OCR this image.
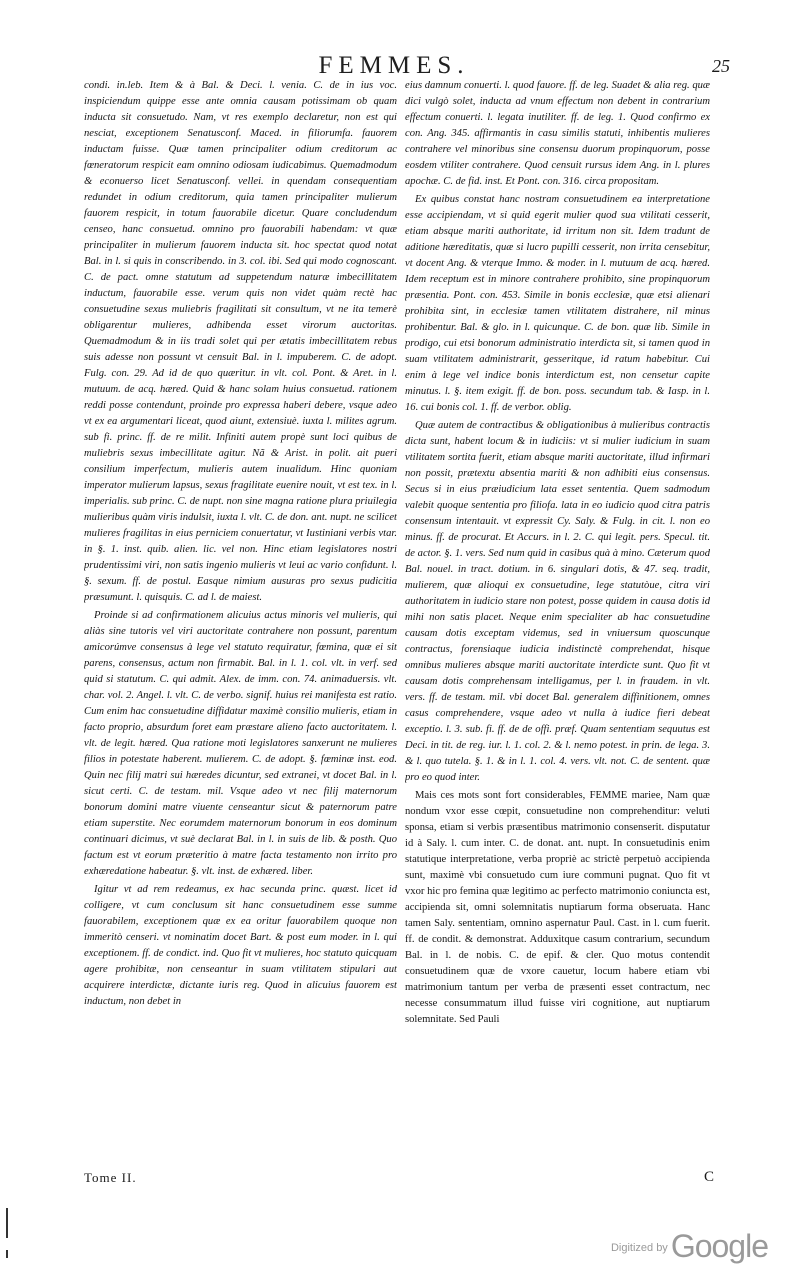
FEMMES.	25

condi. in.leb. Item & à Bal. & Deci. l. venia. C. de in ius voc. inspiciendum quippe esse ante omnia causam potissimam ob quam inducta sit consuetudo. Nam, vt res exemplo declaretur, non est qui nesciat, exceptionem Senatusconf. Maced. in filiorumfa. fauorem inductam fuisse. Quæ tamen principaliter odium creditorum ac fœneratorum respicit eam omnino odiosam iudicabimus. Quemadmodum & econuerso licet Senatusconf. vellei. in quendam consequentiam redundet in odium creditorum, quia tamen principaliter mulierum fauorem respicit, in totum fauorabile dicetur. Quare concludendum censeo, hanc consuetud. omnino pro fauorabili habendam: vt quæ principaliter in mulierum fauorem inducta sit. hoc spectat quod notat Bal. in l. si quis in conscribendo. in 3. col. ibi. Sed qui modo cognoscant. C. de pact. omne statutum ad suppetendum naturæ imbecillitatem inductum, fauorabile esse. verum quis non videt quàm rectè hac consuetudine sexus muliebris fragilitati sit consultum, vt ne ita temerè obligarentur mulieres, adhibenda esset virorum auctoritas. Quemadmodum & in iis tradi solet qui per ætatis imbecillitatem rebus suis adesse non possunt vt censuit Bal. in l. impuberem. C. de adopt. Fulg. con. 29. Ad id de quo quæritur. in vlt. col. Pont. & Aret. in l. mutuum. de acq. hæred. Quid & hanc solam huius consuetud. rationem reddi posse contendunt, proinde pro expressa haberi debere, vsque adeo vt ex ea argumentari liceat, quod aiunt, extensiuè. iuxta l. milites agrum. sub fi. princ. ff. de re milit. Infiniti autem propè sunt loci quibus de muliebris sexus imbecillitate agitur. Nã & Arist. in polit. ait pueri consilium imperfectum, mulieris autem inualidum. Hinc quoniam imperator mulierum lapsus, sexus fragilitate euenire nouit, vt est tex. in l. imperialis. sub princ. C. de nupt. non sine magna ratione plura priuilegia mulieribus quàm viris indulsit, iuxta l. vlt. C. de don. ant. nupt. ne scilicet mulieres fragilitas in eius perniciem conuertatur, vt Iustiniani verbis vtar. in §. 1. inst. quib. alien. lic. vel non. Hinc etiam legislatores nostri prudentissimi viri, non satis ingenio mulieris vt leui ac vario confidunt. l. §. sexum. ff. de postul. Easque nimium ausuras pro sexus pudicitia præsumunt. l. quisquis. C. ad l. de maiest.

Proinde si ad confirmationem alicuius actus minoris vel mulieris, qui aliàs sine tutoris vel viri auctoritate contrahere non possunt, parentum amicorúmve consensus à lege vel statuto requiratur, fœmina, quæ ei sit parens, consensus, actum non firmabit. Bal. in l. 1. col. vlt. in verf. sed quid si statutum. C. qui admit. Alex. de imm. con. 74. animaduersis. vlt. char. vol. 2. Angel. l. vlt. C. de verbo. signif. huius rei manifesta est ratio. Cum enim hac consuetudine diffidatur maximè consilio mulieris, etiam in facto proprio, absurdum foret eam præstare alieno facto auctoritatem. l. vlt. de legit. hæred. Qua ratione moti legislatores sanxerunt ne mulieres filios in potestate haberent. mulierem. C. de adopt. §. fœminæ inst. eod. Quin nec filij matri sui hæredes dicuntur, sed extranei, vt docet Bal. in l. sicut certi. C. de testam. mil. Vsque adeo vt nec filij maternorum bonorum domini matre viuente censeantur sicut & paternorum patre etiam superstite. Nec eorumdem maternorum bonorum in eos dominum continuari dicimus, vt suè declarat Bal. in l. in suis de lib. & posth. Quo factum est vt eorum præteritio à matre facta testamento non irrito pro exhæredatione habeatur. §. vlt. inst. de exhæred. liber.

Igitur vt ad rem redeamus, ex hac secunda princ. quæst. licet id colligere, vt cum conclusum sit hanc consuetudinem esse summe fauorabilem, exceptionem quæ ex ea oritur fauorabilem quoque non immeritò censeri. vt nominatim docet Bart. & post eum moder. in l. qui exceptionem. ff. de condict. ind. Quo fit vt mulieres, hoc statuto quicquam agere prohibitæ, non censeantur in suam vtilitatem stipulari aut acquirere interdictæ, dictante iuris reg. Quod in alicuius fauorem est inductum, non debet in

eius damnum conuerti. l. quod fauore. ff. de leg. Suadet & alia reg. quæ dici vulgò solet, inducta ad vnum effectum non debent in contrarium effectum conuerti. l. legata inutiliter. ff. de leg. 1. Quod confirmo ex con. Ang. 345. affirmantis in casu similis statuti, inhibentis mulieres contrahere vel minoribus sine consensu duorum propinquorum, posse eosdem vtiliter contrahere. Quod censuit rursus idem Ang. in l. plures apochæ. C. de fid. inst. Et Pont. con. 316. circa propositam.

Ex quibus constat hanc nostram consuetudinem ea interpretatione esse accipiendam, vt si quid egerit mulier quod sua vtilitati cesserit, etiam absque mariti authoritate, id irritum non sit. Idem tradunt de aditione hæreditatis, quæ si lucro pupilli cesserit, non irrita censebitur, vt docent Ang. & vterque Immo. & moder. in l. mutuum de acq. hæred. Idem receptum est in minore contrahere prohibito, sine propinquorum præsentia. Pont. con. 453. Simile in bonis ecclesiæ, quæ etsi alienari prohibita sint, in ecclesiæ tamen vtilitatem distrahere, nil minus prohibentur. Bal. & glo. in l. quicunque. C. de bon. quæ lib. Simile in prodigo, cui etsi bonorum administratio interdicta sit, si tamen quod in suam vtilitatem administrarit, gesseritque, id ratum habebitur. Cui enim à lege vel indice bonis interdictum est, non censetur capite minutus. l. §. item exigit. ff. de bon. poss. secundum tab. & Iasp. in l. 16. cui bonis col. 1. ff. de verbor. oblig.

Quæ autem de contractibus & obligationibus à mulieribus contractis dicta sunt, habent locum & in iudiciis: vt si mulier iudicium in suam vtilitatem sortita fuerit, etiam absque mariti auctoritate, illud infirmari non possit, prætextu absentia mariti & non adhibiti eius consensus. Secus si in eius præiudicium lata esset sententia. Quem sadmodum valebit quoque sententia pro filiofa. lata in eo iudicio quod citra patris consensum intentauit. vt expressit Cy. Saly. & Fulg. in cit. l. non eo minus. ff. de procurat. Et Accurs. in l. 2. C. qui legit. pers. Specul. tit. de actor. §. 1. vers. Sed num quid in casibus quà à mino. Cæterum quod Bal. nouel. in tract. dotium. in 6. singulari dotis, & 47. seq. tradit, mulierem, quæ alioqui ex consuetudine, lege statutòue, citra viri authoritatem in iudicio stare non potest, posse quidem in causa dotis id mihi non satis placet. Neque enim specialiter ab hac consuetudine causam dotis exceptam videmus, sed in vniuersum quoscunque contractus, forensiaque iudicia indistinctè comprehendat, hisque omnibus mulieres absque mariti auctoritate interdicte sunt. Quo fit vt causam dotis comprehensam intelligamus, per l. in fraudem. in vlt. vers. ff. de testam. mil. vbi docet Bal. generalem diffinitionem, omnes casus comprehendere, vsque adeo vt nulla à iudice fieri debeat exceptio. l. 3. sub. fi. ff. de de offi. præf. Quam sententiam sequutus est Deci. in tit. de reg. iur. l. 1. col. 2. & l. nemo potest. in prin. de lega. 3. & l. quo tutela. §. 1. & in l. 1. col. 4. vers. vlt. not. C. de sentent. quæ pro eo quod inter.

Mais ces mots sont fort considerables, FEMME mariee, Nam quæ nondum vxor esse cœpit, consuetudine non comprehenditur: veluti sponsa, etiam si verbis præsentibus matrimonio consenserit. disputatur id à Saly. l. cum inter. C. de donat. ant. nupt. In consuetudinis enim statutique interpretatione, verba propriè ac strictè perpetuò accipienda sunt, maximè vbi consuetudo cum iure communi pugnat. Quo fit vt vxor hic pro femina quæ legitimo ac perfecto matrimonio coniuncta est, accipienda sit, omni solemnitatis nuptiarum forma obseruata. Hanc tamen Saly. sententiam, omnino aspernatur Paul. Cast. in l. cum fuerit. ff. de condit. & demonstrat. Adduxitque casum contrarium, secundum Bal. in l. de nobis. C. de epif. & cler. Quo motus contendit consuetudinem quæ de vxore cauetur, locum habere etiam vbi matrimonium tantum per verba de præsenti esset contractum, nec necesse consummatum illud fuisse viri cognitione, aut nuptiarum solemnitate. Sed Pauli

Tome II.	C
$^{Digitized by}$Google
